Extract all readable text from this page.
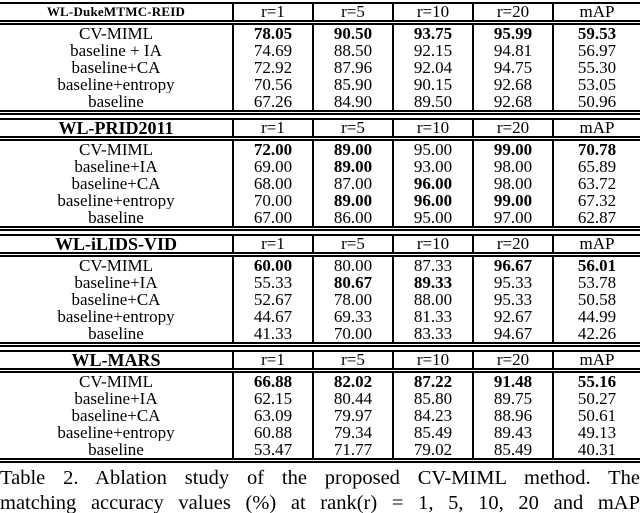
WL-DukeMTMC-REID	r=1	r=5	r=10	r=20	mAP
CV-MIML	78.05	90.50	93.75	95.99	59.53
baseline + IA	74.69	88.50	92.15	94.81	56.97
baseline+CA	72.92	87.96	92.04	94.75	55.30
baseline+entropy	70.56	85.90	90.15	92.68	53.05
baseline	67.26	84.90	89.50	92.68	50.96
WL-PRID2011	r=1	r=5	r=10	r=20	mAP
CV-MIML	72.00	89.00	95.00	99.00	70.78
baseline+IA	69.00	89.00	93.00	98.00	65.89
baseline+CA	68.00	87.00	96.00	98.00	63.72
baseline+entropy	70.00	89.00	96.00	99.00	67.32
baseline	67.00	86.00	95.00	97.00	62.87
WL-iLIDS-VID	r=1	r=5	r=10	r=20	mAP
CV-MIML	60.00	80.00	87.33	96.67	56.01
baseline+IA	55.33	80.67	89.33	95.33	53.78
baseline+CA	52.67	78.00	88.00	95.33	50.58
baseline+entropy	44.67	69.33	81.33	92.67	44.99
baseline	41.33	70.00	83.33	94.67	42.26
WL-MARS	r=1	r=5	r=10	r=20	mAP
CV-MIML	66.88	82.02	87.22	91.48	55.16
baseline+IA	62.15	80.44	85.80	89.75	50.27
baseline+CA	63.09	79.97	84.23	88.96	50.61
baseline+entropy	60.88	79.34	85.49	89.43	49.13
baseline	53.47	71.77	79.02	85.49	40.31
Table 2. Ablation study of the proposed CV-MIML method. The
matching accuracy values (%) at rank(r) = 1, 5, 10, 20 and mAP
